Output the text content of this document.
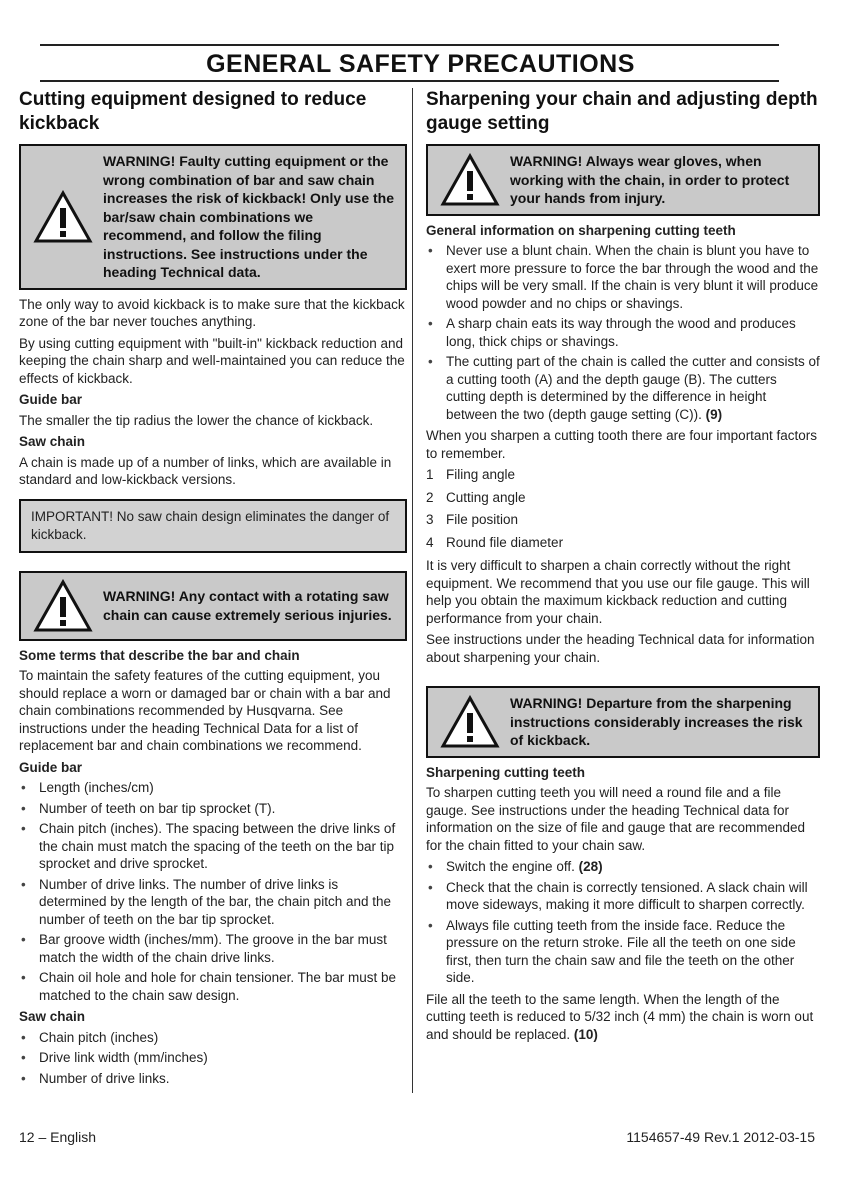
GENERAL SAFETY PRECAUTIONS
Cutting equipment designed to reduce kickback
WARNING! Faulty cutting equipment or the wrong combination of bar and saw chain increases the risk of kickback! Only use the bar/saw chain combinations we recommend, and follow the filing instructions. See instructions under the heading Technical data.

The only way to avoid kickback is to make sure that the kickback zone of the bar never touches anything.

By using cutting equipment with "built-in" kickback reduction and keeping the chain sharp and well-maintained you can reduce the effects of kickback.

Guide bar

The smaller the tip radius the lower the chance of kickback.

Saw chain

A chain is made up of a number of links, which are available in standard and low-kickback versions.

IMPORTANT! No saw chain design eliminates the danger of kickback.
WARNING! Any contact with a rotating saw chain can cause extremely serious injuries.
Some terms that describe the bar and chain

To maintain the safety features of the cutting equipment, you should replace a worn or damaged bar or chain with a bar and chain combinations recommended by Husqvarna. See instructions under the heading Technical Data for a list of replacement bar and chain combinations we recommend.

Guide bar
• Length (inches/cm)
• Number of teeth on bar tip sprocket (T).
• Chain pitch (inches). The spacing between the drive links of the chain must match the spacing of the teeth on the bar tip sprocket and drive sprocket.
• Number of drive links. The number of drive links is determined by the length of the bar, the chain pitch and the number of teeth on the bar tip sprocket.
• Bar groove width (inches/mm). The groove in the bar must match the width of the chain drive links.
• Chain oil hole and hole for chain tensioner. The bar must be matched to the chain saw design.
Saw chain
• Chain pitch (inches)
• Drive link width (mm/inches)
• Number of drive links.
Sharpening your chain and adjusting depth gauge setting
WARNING! Always wear gloves, when working with the chain, in order to protect your hands from injury.
General information on sharpening cutting teeth
• Never use a blunt chain. When the chain is blunt you have to exert more pressure to force the bar through the wood and the chips will be very small. If the chain is very blunt it will produce wood powder and no chips or shavings.
• A sharp chain eats its way through the wood and produces long, thick chips or shavings.
• The cutting part of the chain is called the cutter and consists of a cutting tooth (A) and the depth gauge (B). The cutters cutting depth is determined by the difference in height between the two (depth gauge setting (C)). (9)

When you sharpen a cutting tooth there are four important factors to remember.

1 Filing angle
2 Cutting angle
3 File position
4 Round file diameter

It is very difficult to sharpen a chain correctly without the right equipment. We recommend that you use our file gauge. This will help you obtain the maximum kickback reduction and cutting performance from your chain.

See instructions under the heading Technical data for information about sharpening your chain.

WARNING! Departure from the sharpening instructions considerably increases the risk of kickback.
Sharpening cutting teeth

To sharpen cutting teeth you will need a round file and a file gauge. See instructions under the heading Technical data for information on the size of file and gauge that are recommended for the chain fitted to your chain saw.

• Switch the engine off. (28)
• Check that the chain is correctly tensioned. A slack chain will move sideways, making it more difficult to sharpen correctly.
• Always file cutting teeth from the inside face. Reduce the pressure on the return stroke. File all the teeth on one side first, then turn the chain saw and file the teeth on the other side.

File all the teeth to the same length. When the length of the cutting teeth is reduced to 5/32 inch (4 mm) the chain is worn out and should be replaced. (10)

12 – English	1154657-49 Rev.1 2012-03-15
